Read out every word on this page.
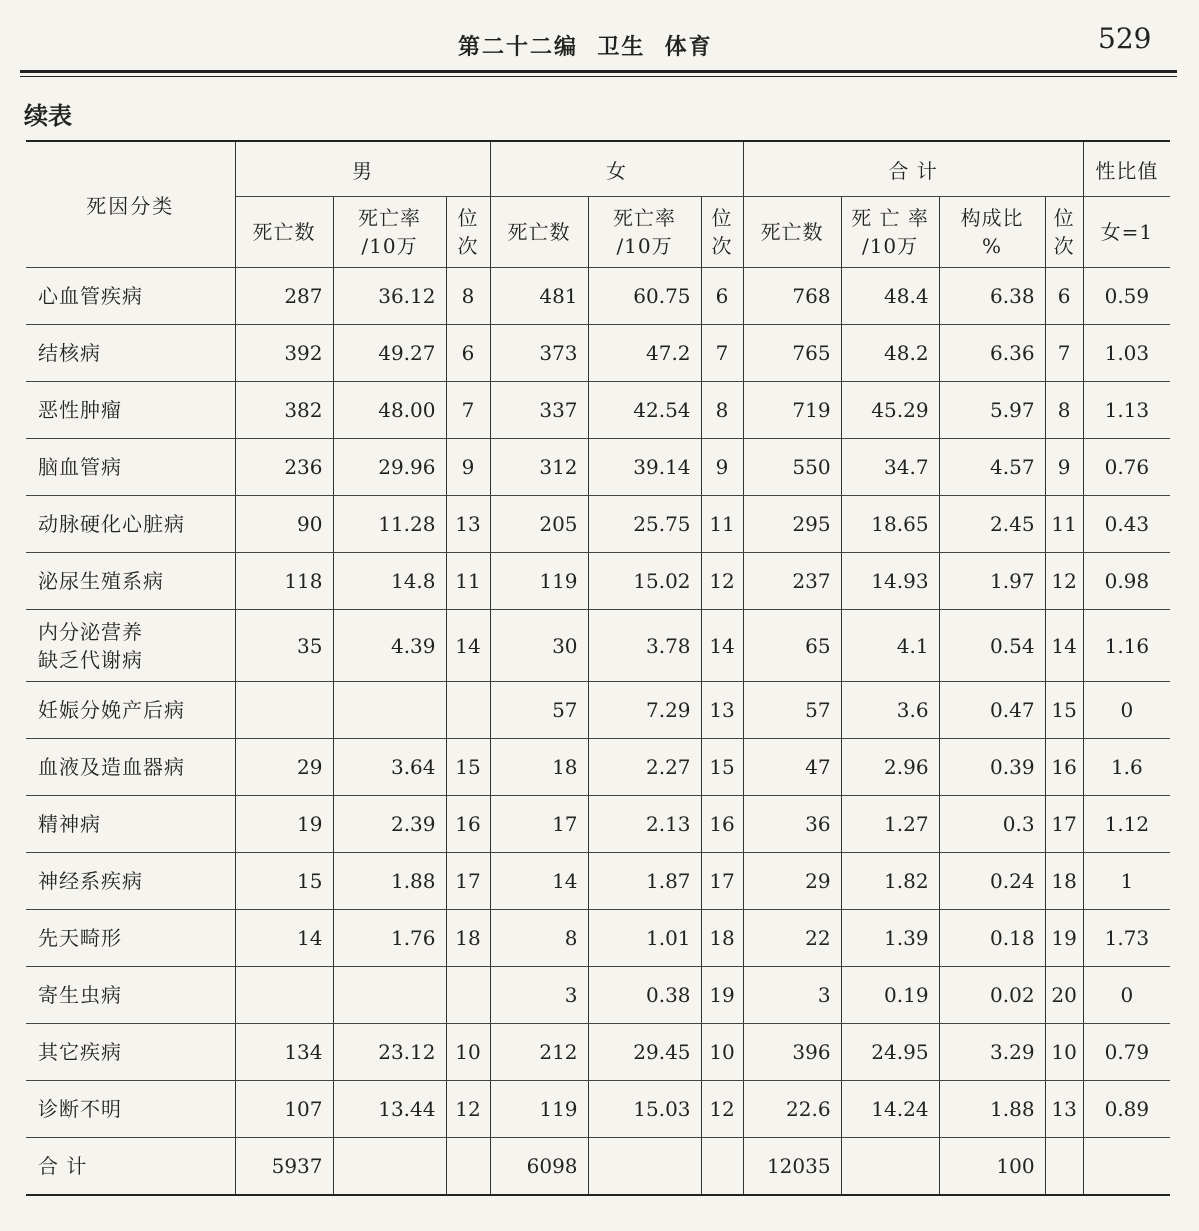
第二十二编  卫生  体育	529
续表
死因分类	男			女			合 计				性比值
	死亡数	死亡率
/10万	位
次	死亡数	死亡率
/10万	位
次	死亡数	死 亡 率
/10万	构成比
%	位
次	女=1
心血管疾病	287	36.12	8	481	60.75	6	768	48.4	6.38	6	0.59
结核病	392	49.27	6	373	47.2	7	765	48.2	6.36	7	1.03
恶性肿瘤	382	48.00	7	337	42.54	8	719	45.29	5.97	8	1.13
脑血管病	236	29.96	9	312	39.14	9	550	34.7	4.57	9	0.76
动脉硬化心脏病	90	11.28	13	205	25.75	11	295	18.65	2.45	11	0.43
泌尿生殖系病	118	14.8	11	119	15.02	12	237	14.93	1.97	12	0.98
内分泌营养
缺乏代谢病	35	4.39	14	30	3.78	14	65	4.1	0.54	14	1.16
妊娠分娩产后病				57	7.29	13	57	3.6	0.47	15	0
血液及造血器病	29	3.64	15	18	2.27	15	47	2.96	0.39	16	1.6
精神病	19	2.39	16	17	2.13	16	36	1.27	0.3	17	1.12
神经系疾病	15	1.88	17	14	1.87	17	29	1.82	0.24	18	1
先天畸形	14	1.76	18	8	1.01	18	22	1.39	0.18	19	1.73
寄生虫病				3	0.38	19	3	0.19	0.02	20	0
其它疾病	134	23.12	10	212	29.45	10	396	24.95	3.29	10	0.79
诊断不明	107	13.44	12	119	15.03	12	22.6	14.24	1.88	13	0.89
合 计	5937			6098			12035		100		
